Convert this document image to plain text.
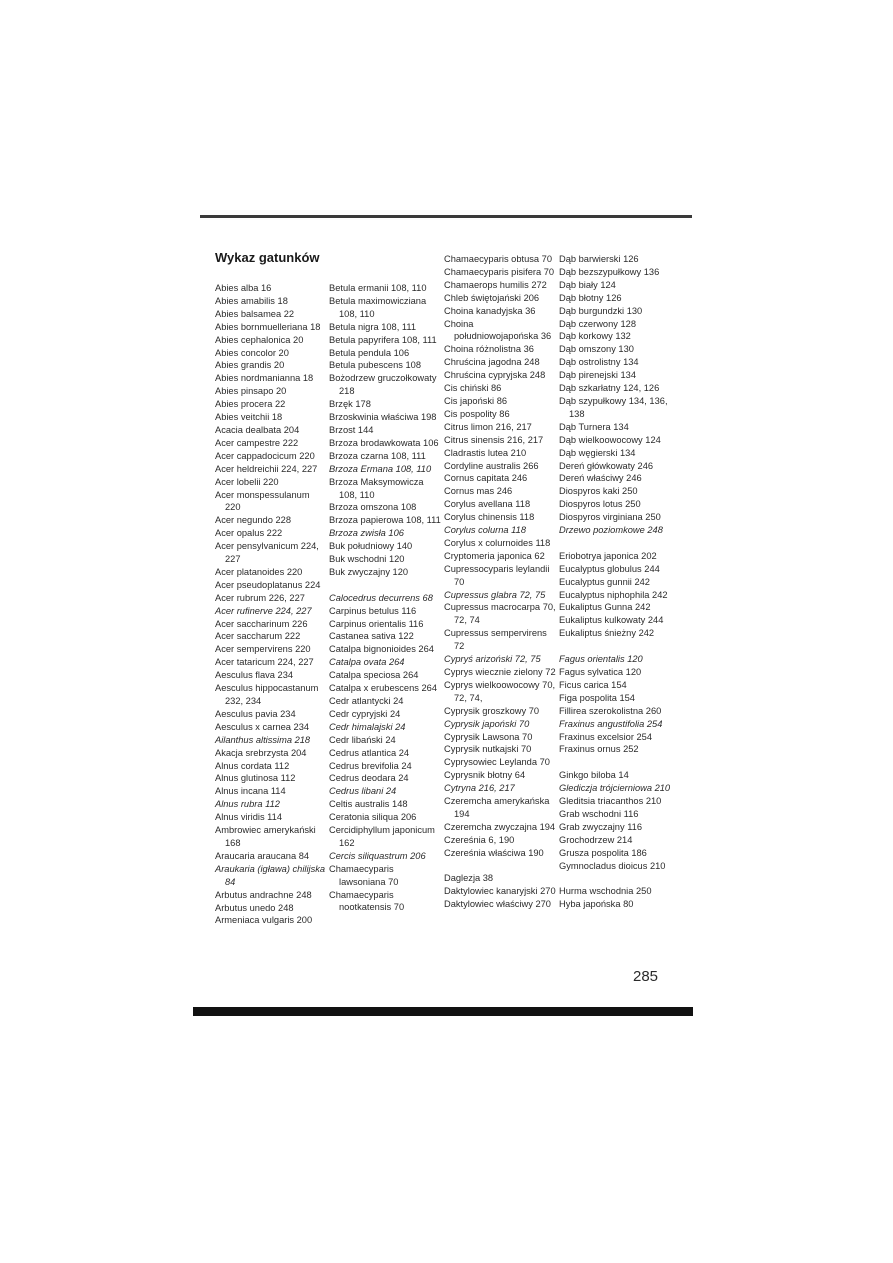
Wykaz gatunków
Abies alba 16
Abies amabilis 18
Abies balsamea 22
Abies bornmuelleriana 18
Abies cephalonica 20
Abies concolor 20
Abies grandis 20
Abies nordmanianna 18
Abies pinsapo 20
Abies procera 22
Abies veitchii 18
Acacia dealbata 204
Acer campestre 222
Acer cappadocicum 220
Acer heldreichii 224, 227
Acer lobelii 220
Acer monspessulanum 220
Acer negundo 228
Acer opalus 222
Acer pensylvanicum 224, 227
Acer platanoides 220
Acer pseudoplatanus 224
Acer rubrum 226, 227
Acer rufinerve 224, 227
Acer saccharinum 226
Acer saccharum 222
Acer sempervirens 220
Acer tataricum 224, 227
Aesculus flava 234
Aesculus hippocastanum 232, 234
Aesculus pavia 234
Aesculus x carnea 234
Ailanthus altissima 218
Akacja srebrzysta 204
Alnus cordata 112
Alnus glutinosa 112
Alnus incana 114
Alnus rubra 112
Alnus viridis 114
Ambrowiec amerykański 168
Araucaria araucana 84
Araukaria (igława) chilijska 84
Arbutus andrachne 248
Arbutus unedo 248
Armeniaca vulgaris 200
Betula ermanii 108, 110
Betula maximowicziana 108, 110
Betula nigra 108, 111
Betula papyrifera 108, 111
Betula pendula 106
Betula pubescens 108
Bożodrzew gruczołkowaty 218
Brzęk 178
Brzoskwinia właściwa 198
Brzost 144
Brzoza brodawkowata 106
Brzoza czarna 108, 111
Brzoza Ermana 108, 110
Brzoza Maksymowicza 108, 110
Brzoza omszona 108
Brzoza papierowa 108, 111
Brzoza zwisła 106
Buk południowy 140
Buk wschodni 120
Buk zwyczajny 120
Calocedrus decurrens 68
Carpinus betulus 116
Carpinus orientalis 116
Castanea sativa 122
Catalpa bignonioides 264
Catalpa ovata 264
Catalpa speciosa 264
Catalpa x erubescens 264
Cedr atlantycki 24
Cedr cypryjski 24
Cedr himalajski 24
Cedr libański 24
Cedrus atlantica 24
Cedrus brevifolia 24
Cedrus deodara 24
Cedrus libani 24
Celtis australis 148
Ceratonia siliqua 206
Cercidiphyllum japonicum 162
Cercis siliquastrum 206
Chamaecyparis lawsoniana 70
Chamaecyparis nootkatensis 70
Chamaecyparis obtusa 70
Chamaecyparis pisifera 70
Chamaerops humilis 272
Chleb świętojański 206
Choina kanadyjska 36
Choina południowojapońska 36
Choina różnolistna 36
Chruścina jagodna 248
Chruścina cypryjska 248
Cis chiński 86
Cis japoński 86
Cis pospolity 86
Citrus limon 216, 217
Citrus sinensis 216, 217
Cladrastis lutea 210
Cordyline australis 266
Cornus capitata 246
Cornus mas 246
Corylus avellana 118
Corylus chinensis 118
Corylus colurna 118
Corylus x colurnoides 118
Cryptomeria japonica 62
Cupressocyparis leylandii 70
Cupressus glabra 72, 75
Cupressus macrocarpa 70, 72, 74
Cupressus sempervirens 72
Cypryś arizoński 72, 75
Cyprys wiecznie zielony 72
Cyprys wielkoowocowy 70, 72, 74,
Cyprysik groszkowy 70
Cyprysik japoński 70
Cyprysik Lawsona 70
Cyprysik nutkajski 70
Cyprysowiec Leylanda 70
Cyprysnik błotny 64
Cytryna 216, 217
Czeremcha amerykańska 194
Czeremcha zwyczajna 194
Czereśnia 6, 190
Czereśnia właściwa 190
Daglezja 38
Daktylowiec kanaryjski 270
Daktylowiec właściwy 270
Dąb barwierski 126
Dąb bezszypułkowy 136
Dąb biały 124
Dąb błotny 126
Dąb burgundzki 130
Dąb czerwony 128
Dąb korkowy 132
Dąb omszony 130
Dąb ostrolistny 134
Dąb pirenejski 134
Dąb szkarłatny 124, 126
Dąb szypułkowy 134, 136, 138
Dąb Turnera 134
Dąb wielkoowocowy 124
Dąb węgierski 134
Dereń główkowaty 246
Dereń właściwy 246
Diospyros kaki 250
Diospyros lotus 250
Diospyros virginiana 250
Drzewo poziomkowe 248
Eriobotrya japonica 202
Eucalyptus globulus 244
Eucalyptus gunnii 242
Eucalyptus niphophila 242
Eukaliptus Gunna 242
Eukaliptus kulkowaty 244
Eukaliptus śnieżny 242
Fagus orientalis 120
Fagus sylvatica 120
Ficus carica 154
Figa pospolita 154
Fillirea szerokolistna 260
Fraxinus angustifolia 254
Fraxinus excelsior 254
Fraxinus ornus 252
Ginkgo biloba 14
Glediczja trójcierniowa 210
Gleditsia triacanthos 210
Grab wschodni 116
Grab zwyczajny 116
Grochodrzew 214
Grusza pospolita 186
Gymnocladus dioicus 210
Hurma wschodnia 250
Hyba japońska 80
285
